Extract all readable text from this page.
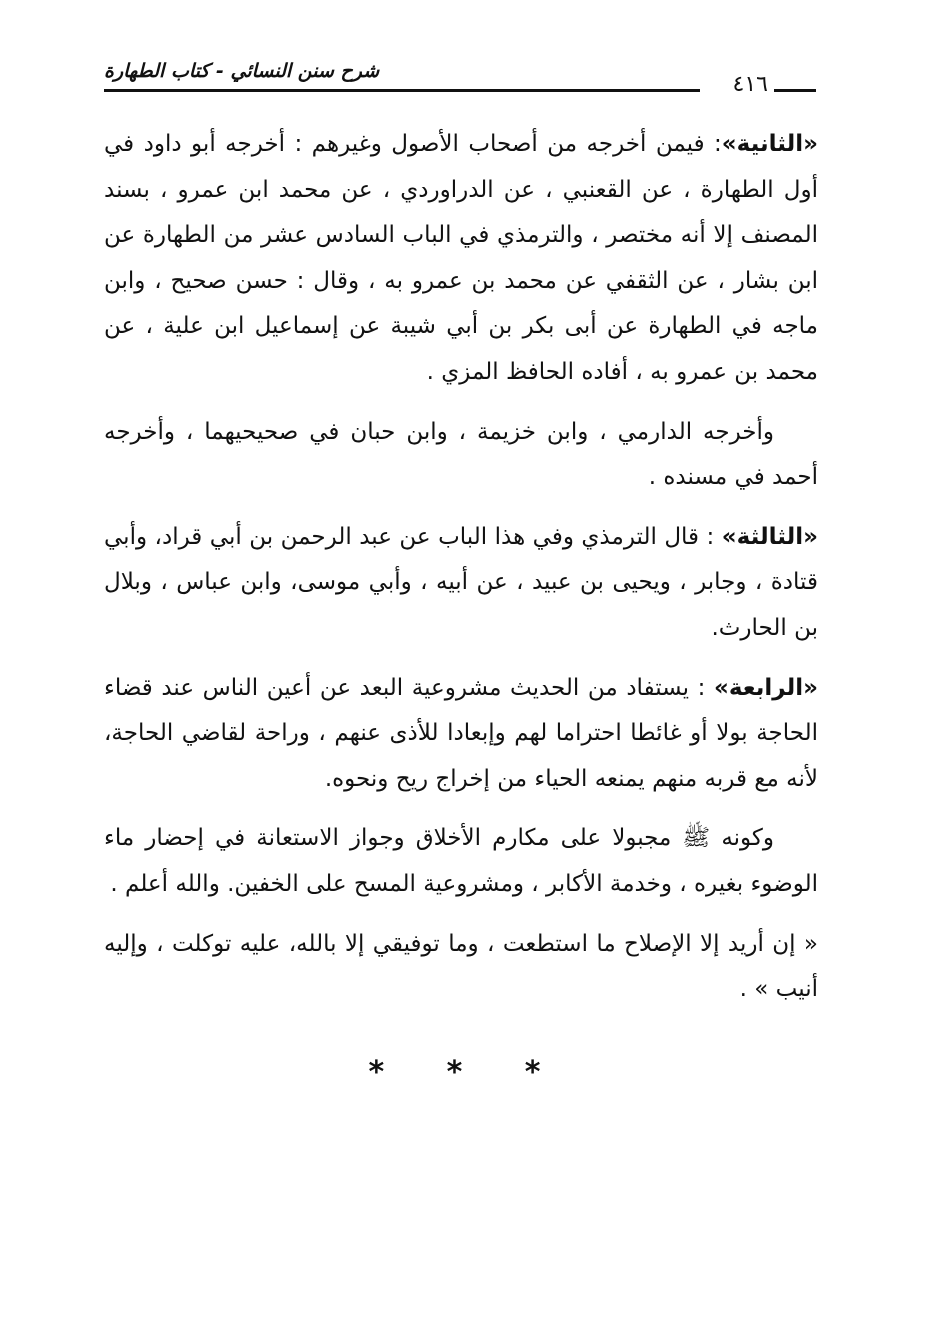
شرح سنن النسائي - كتاب الطهارة
٤١٦

«الثانية»: فيمن أخرجه من أصحاب الأصول وغيرهم : أخرجه أبو داود في أول الطهارة ، عن القعنبي ، عن الدراوردي ، عن محمد ابن عمرو ، بسند المصنف إلا أنه مختصر ، والترمذي في الباب السادس عشر من الطهارة عن ابن بشار ، عن الثقفي عن محمد بن عمرو به ، وقال : حسن صحيح ، وابن ماجه في الطهارة عن أبى بكر بن أبي شيبة عن إسماعيل ابن علية ، عن محمد بن عمرو به ، أفاده الحافظ المزي .

وأخرجه الدارمي ، وابن خزيمة ، وابن حبان في صحيحيهما ، وأخرجه أحمد في مسنده .

«الثالثة» : قال الترمذي وفي هذا الباب عن عبد الرحمن بن أبي قراد، وأبي قتادة ، وجابر ، ويحيى بن عبيد ، عن أبيه ، وأبي موسى، وابن عباس ، وبلال بن الحارث.

«الرابعة» : يستفاد من الحديث مشروعية البعد عن أعين الناس عند قضاء الحاجة بولا أو غائطا احتراما لهم وإبعادا للأذى عنهم ، وراحة لقاضي الحاجة، لأنه مع قربه منهم يمنعه الحياء من إخراج ريح ونحوه.

وكونه ﷺ مجبولا على مكارم الأخلاق وجواز الاستعانة في إحضار ماء الوضوء بغيره ، وخدمة الأكابر ، ومشروعية المسح على الخفين. والله أعلم .

« إن أريد إلا الإصلاح ما استطعت ، وما توفيقي إلا بالله، عليه توكلت ، وإليه أنيب » .

* * *
